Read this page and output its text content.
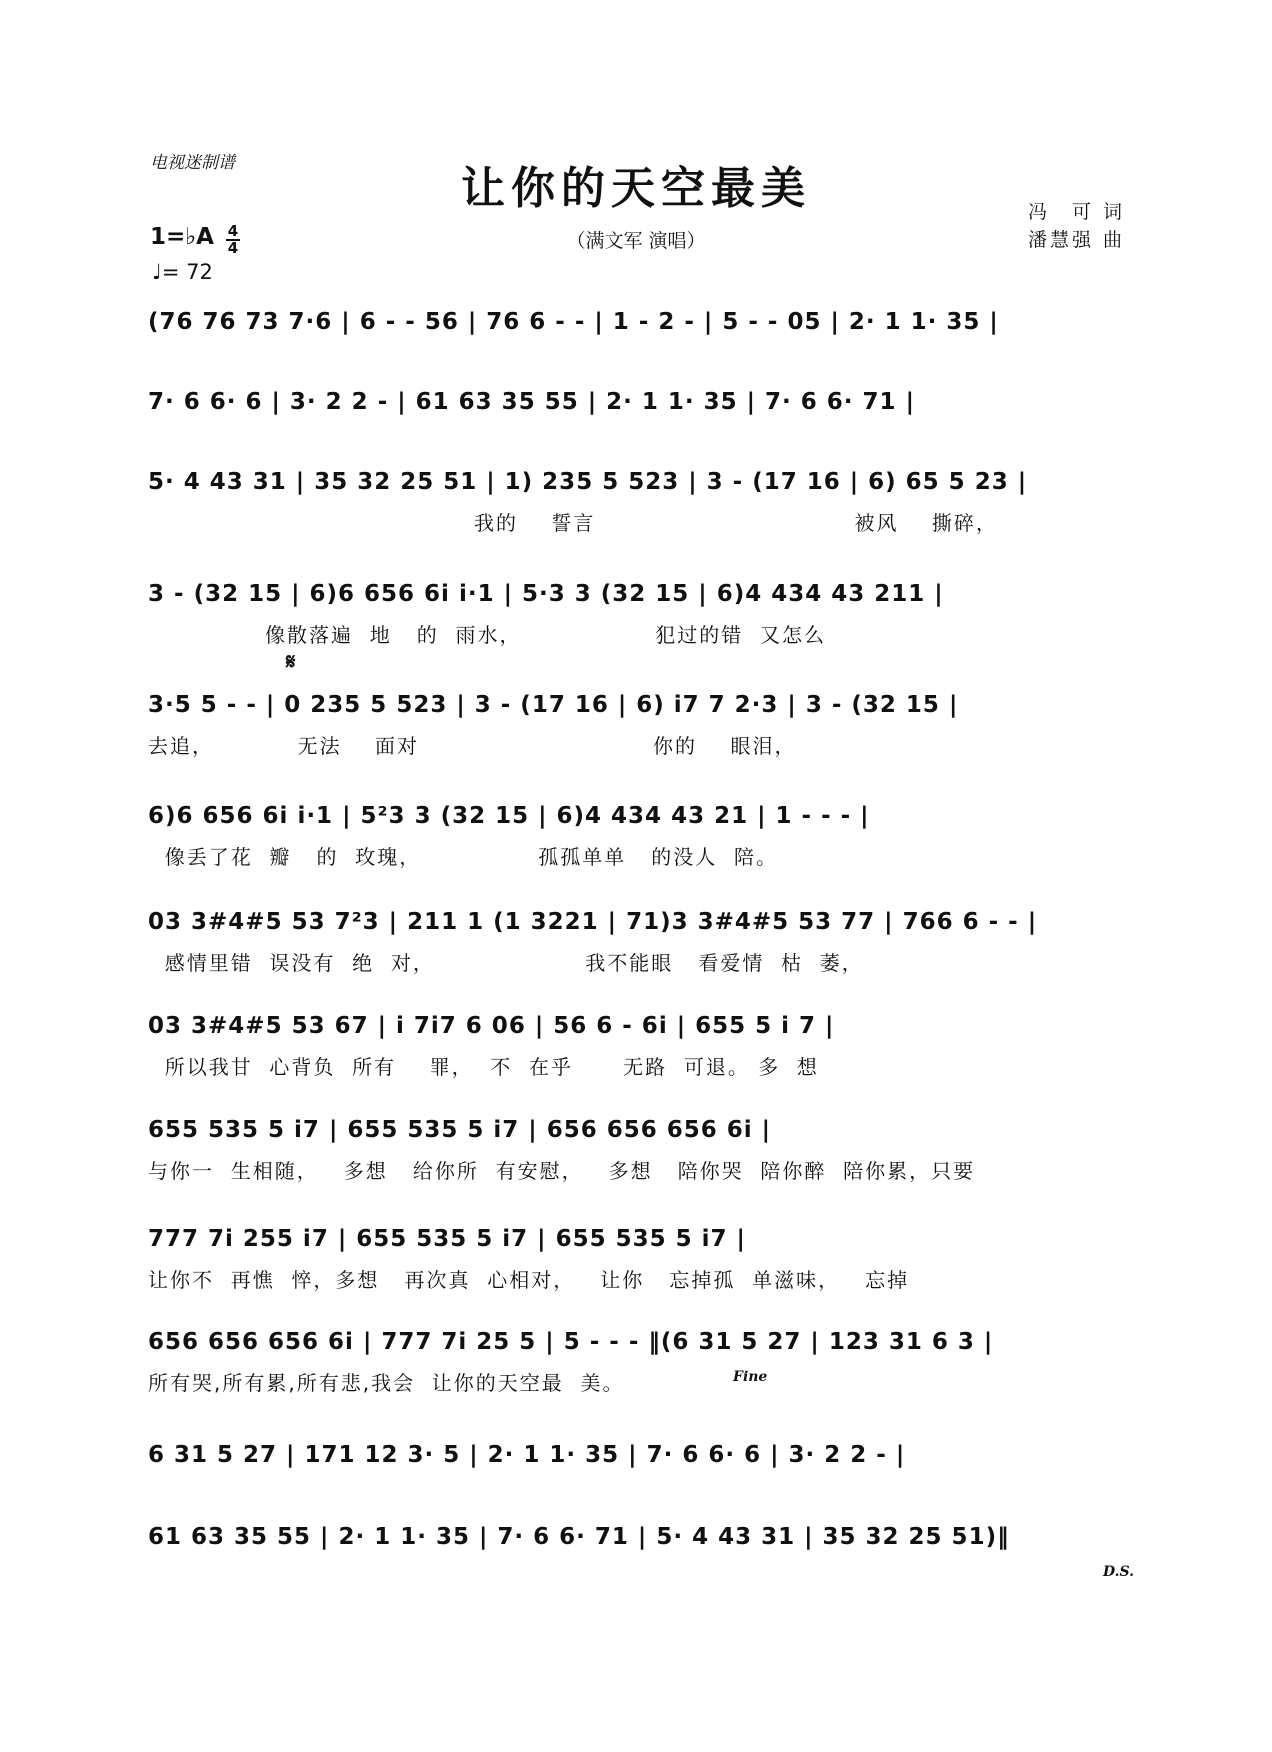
电视迷制谱	让你的天空最美
（满文军 演唱）
冯　可 词
潘慧强 曲
1=♭A 4
4
♩= 72
(76 76 73 7·6 | 6 - - 56 | 76 6 - - | 1 - 2 - | 5 - - 05 | 2· 1 1· 35 |
7· 6 6· 6 | 3· 2 2 - | 61 63 35 55 | 2· 1 1· 35 | 7· 6 6· 71 |
5· 4 43 31 | 35 32 25 51 | 1) 235 5 523 | 3 - (17 16 | 6) 65 5 23 |
我的    誓言                               被风    撕碎，
3 - (32 15 | 6)6 656 6i i·1 | 5·3 3 (32 15 | 6)4 434 43 211 |
像散落遍  地   的  雨水，                犯过的错  又怎么
𝄋
3·5 5 - - | 0 235 5 523 | 3 - (17 16 | 6) i7 7 2·3 | 3 - (32 15 |
去追，          无法    面对                            你的    眼泪，
6)6 656 6i i·1 | 5²3 3 (32 15 | 6)4 434 43 21 | 1 - - - |
像丢了花  瓣   的  玫瑰，              孤孤单单   的没人  陪。
03 3#4#5 53 7²3 | 211 1 (1 3221 | 71)3 3#4#5 53 77 | 766 6 - - |
感情里错  误没有  绝  对，                  我不能眼   看爱情  枯  萎，
03 3#4#5 53 67 | i 7i7 6 06 | 56 6 - 6i | 655 5 i 7 |
所以我甘  心背负  所有    罪，  不  在乎      无路  可退。 多  想
655 535 5 i7 | 655 535 5 i7 | 656 656 656 6i |
与你一  生相随，   多想   给你所  有安慰，   多想   陪你哭  陪你醉  陪你累，只要
777 7i 255 i7 | 655 535 5 i7 | 655 535 5 i7 |
让你不  再憔  悴，多想   再次真  心相对，   让你   忘掉孤  单滋味，   忘掉
656 656 656 6i | 777 7i 25 5 | 5 - - - ‖(6 31 5 27 | 123 31 6 3 |
所有哭,所有累,所有悲,我会  让你的天空最  美。	Fine
6 31 5 27 | 171 12 3· 5 | 2· 1 1· 35 | 7· 6 6· 6 | 3· 2 2 - |
61 63 35 55 | 2· 1 1· 35 | 7· 6 6· 71 | 5· 4 43 31 | 35 32 25 51)‖
D.S.
